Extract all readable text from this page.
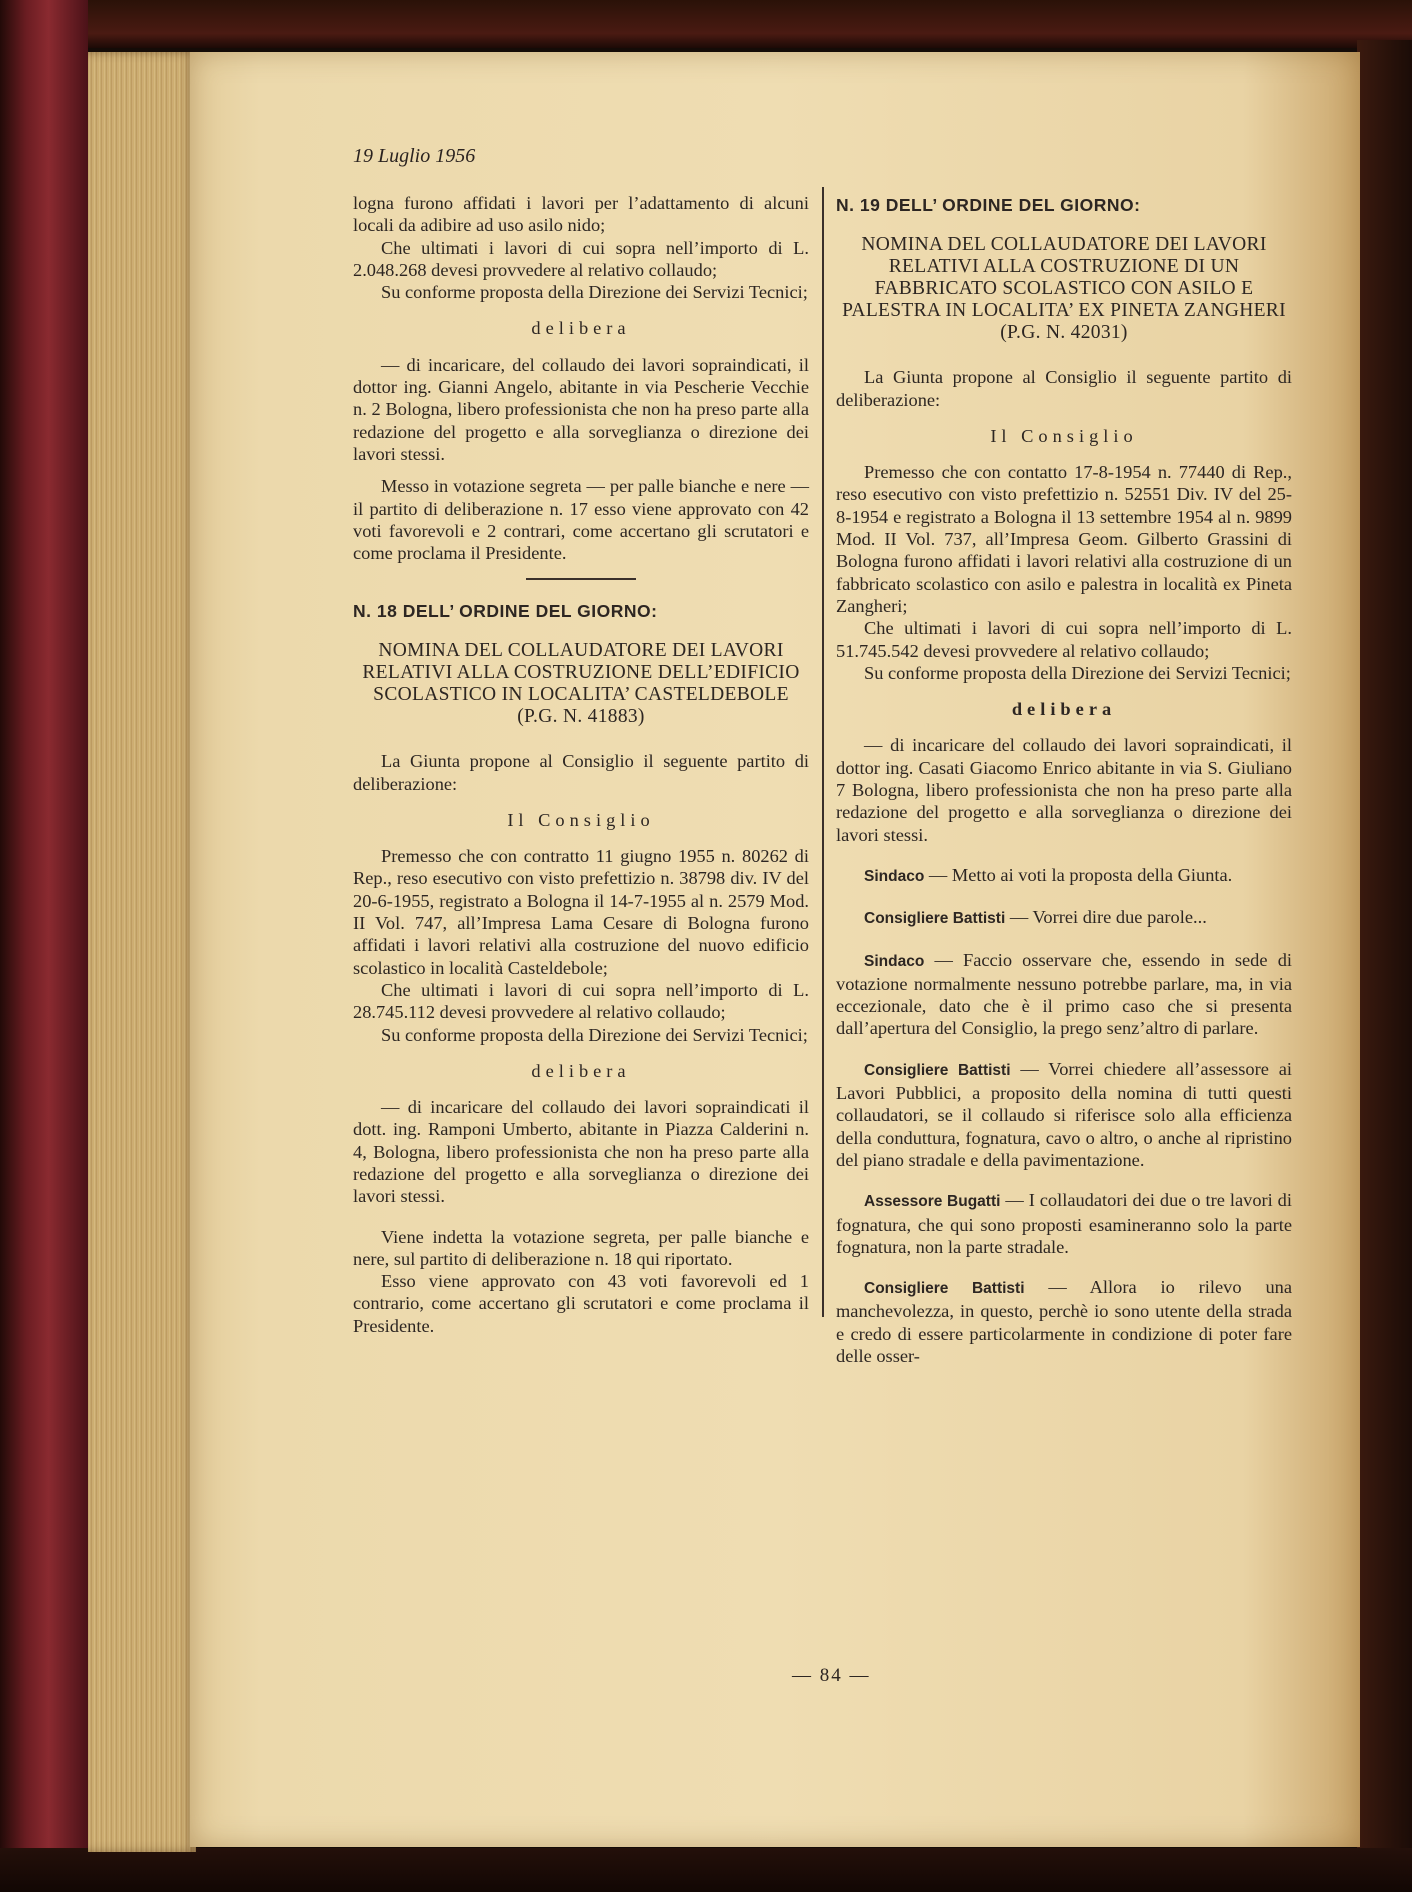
19 Luglio 1956

logna furono affidati i lavori per l’adattamento di alcuni locali da adibire ad uso asilo nido;

Che ultimati i lavori di cui sopra nell’importo di L. 2.048.268 devesi provvedere al relativo collaudo;

Su conforme proposta della Direzione dei Servizi Tecnici;

delibera

— di incaricare, del collaudo dei lavori sopraindicati, il dottor ing. Gianni Angelo, abitante in via Pescherie Vecchie n. 2 Bologna, libero professionista che non ha preso parte alla redazione del progetto e alla sorveglianza o direzione dei lavori stessi.

Messo in votazione segreta — per palle bianche e nere — il partito di deliberazione n. 17 esso viene approvato con 42 voti favorevoli e 2 contrari, come accertano gli scrutatori e come proclama il Presidente.

N. 18 DELL’ ORDINE DEL GIORNO:

NOMINA DEL COLLAUDATORE DEI LAVORI RELATIVI ALLA COSTRUZIONE DELL’EDIFICIO SCOLASTICO IN LOCALITA’ CASTELDEBOLE (P.G. N. 41883)

La Giunta propone al Consiglio il seguente partito di deliberazione:

Il Consiglio

Premesso che con contratto 11 giugno 1955 n. 80262 di Rep., reso esecutivo con visto prefettizio n. 38798 div. IV del 20-6-1955, registrato a Bologna il 14-7-1955 al n. 2579 Mod. II Vol. 747, all’Impresa Lama Cesare di Bologna furono affidati i lavori relativi alla costruzione del nuovo edificio scolastico in località Casteldebole;

Che ultimati i lavori di cui sopra nell’importo di L. 28.745.112 devesi provvedere al relativo collaudo;

Su conforme proposta della Direzione dei Servizi Tecnici;

delibera

— di incaricare del collaudo dei lavori sopraindicati il dott. ing. Ramponi Umberto, abitante in Piazza Calderini n. 4, Bologna, libero professionista che non ha preso parte alla redazione del progetto e alla sorveglianza o direzione dei lavori stessi.

Viene indetta la votazione segreta, per palle bianche e nere, sul partito di deliberazione n. 18 qui riportato.

Esso viene approvato con 43 voti favorevoli ed 1 contrario, come accertano gli scrutatori e come proclama il Presidente.

N. 19 DELL’ ORDINE DEL GIORNO:

NOMINA DEL COLLAUDATORE DEI LAVORI RELATIVI ALLA COSTRUZIONE DI UN FABBRICATO SCOLASTICO CON ASILO E PALESTRA IN LOCALITA’ EX PINETA ZANGHERI (P.G. N. 42031)

La Giunta propone al Consiglio il seguente partito di deliberazione:

Il Consiglio

Premesso che con contatto 17-8-1954 n. 77440 di Rep., reso esecutivo con visto prefettizio n. 52551 Div. IV del 25-8-1954 e registrato a Bologna il 13 settembre 1954 al n. 9899 Mod. II Vol. 737, all’Impresa Geom. Gilberto Grassini di Bologna furono affidati i lavori relativi alla costruzione di un fabbricato scolastico con asilo e palestra in località ex Pineta Zangheri;

Che ultimati i lavori di cui sopra nell’importo di L. 51.745.542 devesi provvedere al relativo collaudo;

Su conforme proposta della Direzione dei Servizi Tecnici;

delibera

— di incaricare del collaudo dei lavori sopraindicati, il dottor ing. Casati Giacomo Enrico abitante in via S. Giuliano 7 Bologna, libero professionista che non ha preso parte alla redazione del progetto e alla sorveglianza o direzione dei lavori stessi.

Sindaco — Metto ai voti la proposta della Giunta.

Consigliere Battisti — Vorrei dire due parole...

Sindaco — Faccio osservare che, essendo in sede di votazione normalmente nessuno potrebbe parlare, ma, in via eccezionale, dato che è il primo caso che si presenta dall’apertura del Consiglio, la prego senz’altro di parlare.

Consigliere Battisti — Vorrei chiedere all’assessore ai Lavori Pubblici, a proposito della nomina di tutti questi collaudatori, se il collaudo si riferisce solo alla efficienza della conduttura, fognatura, cavo o altro, o anche al ripristino del piano stradale e della pavimentazione.

Assessore Bugatti — I collaudatori dei due o tre lavori di fognatura, che qui sono proposti esamineranno solo la parte fognatura, non la parte stradale.

Consigliere Battisti — Allora io rilevo una manchevolezza, in questo, perchè io sono utente della strada e credo di essere particolarmente in condizione di poter fare delle osser-

— 84 —
